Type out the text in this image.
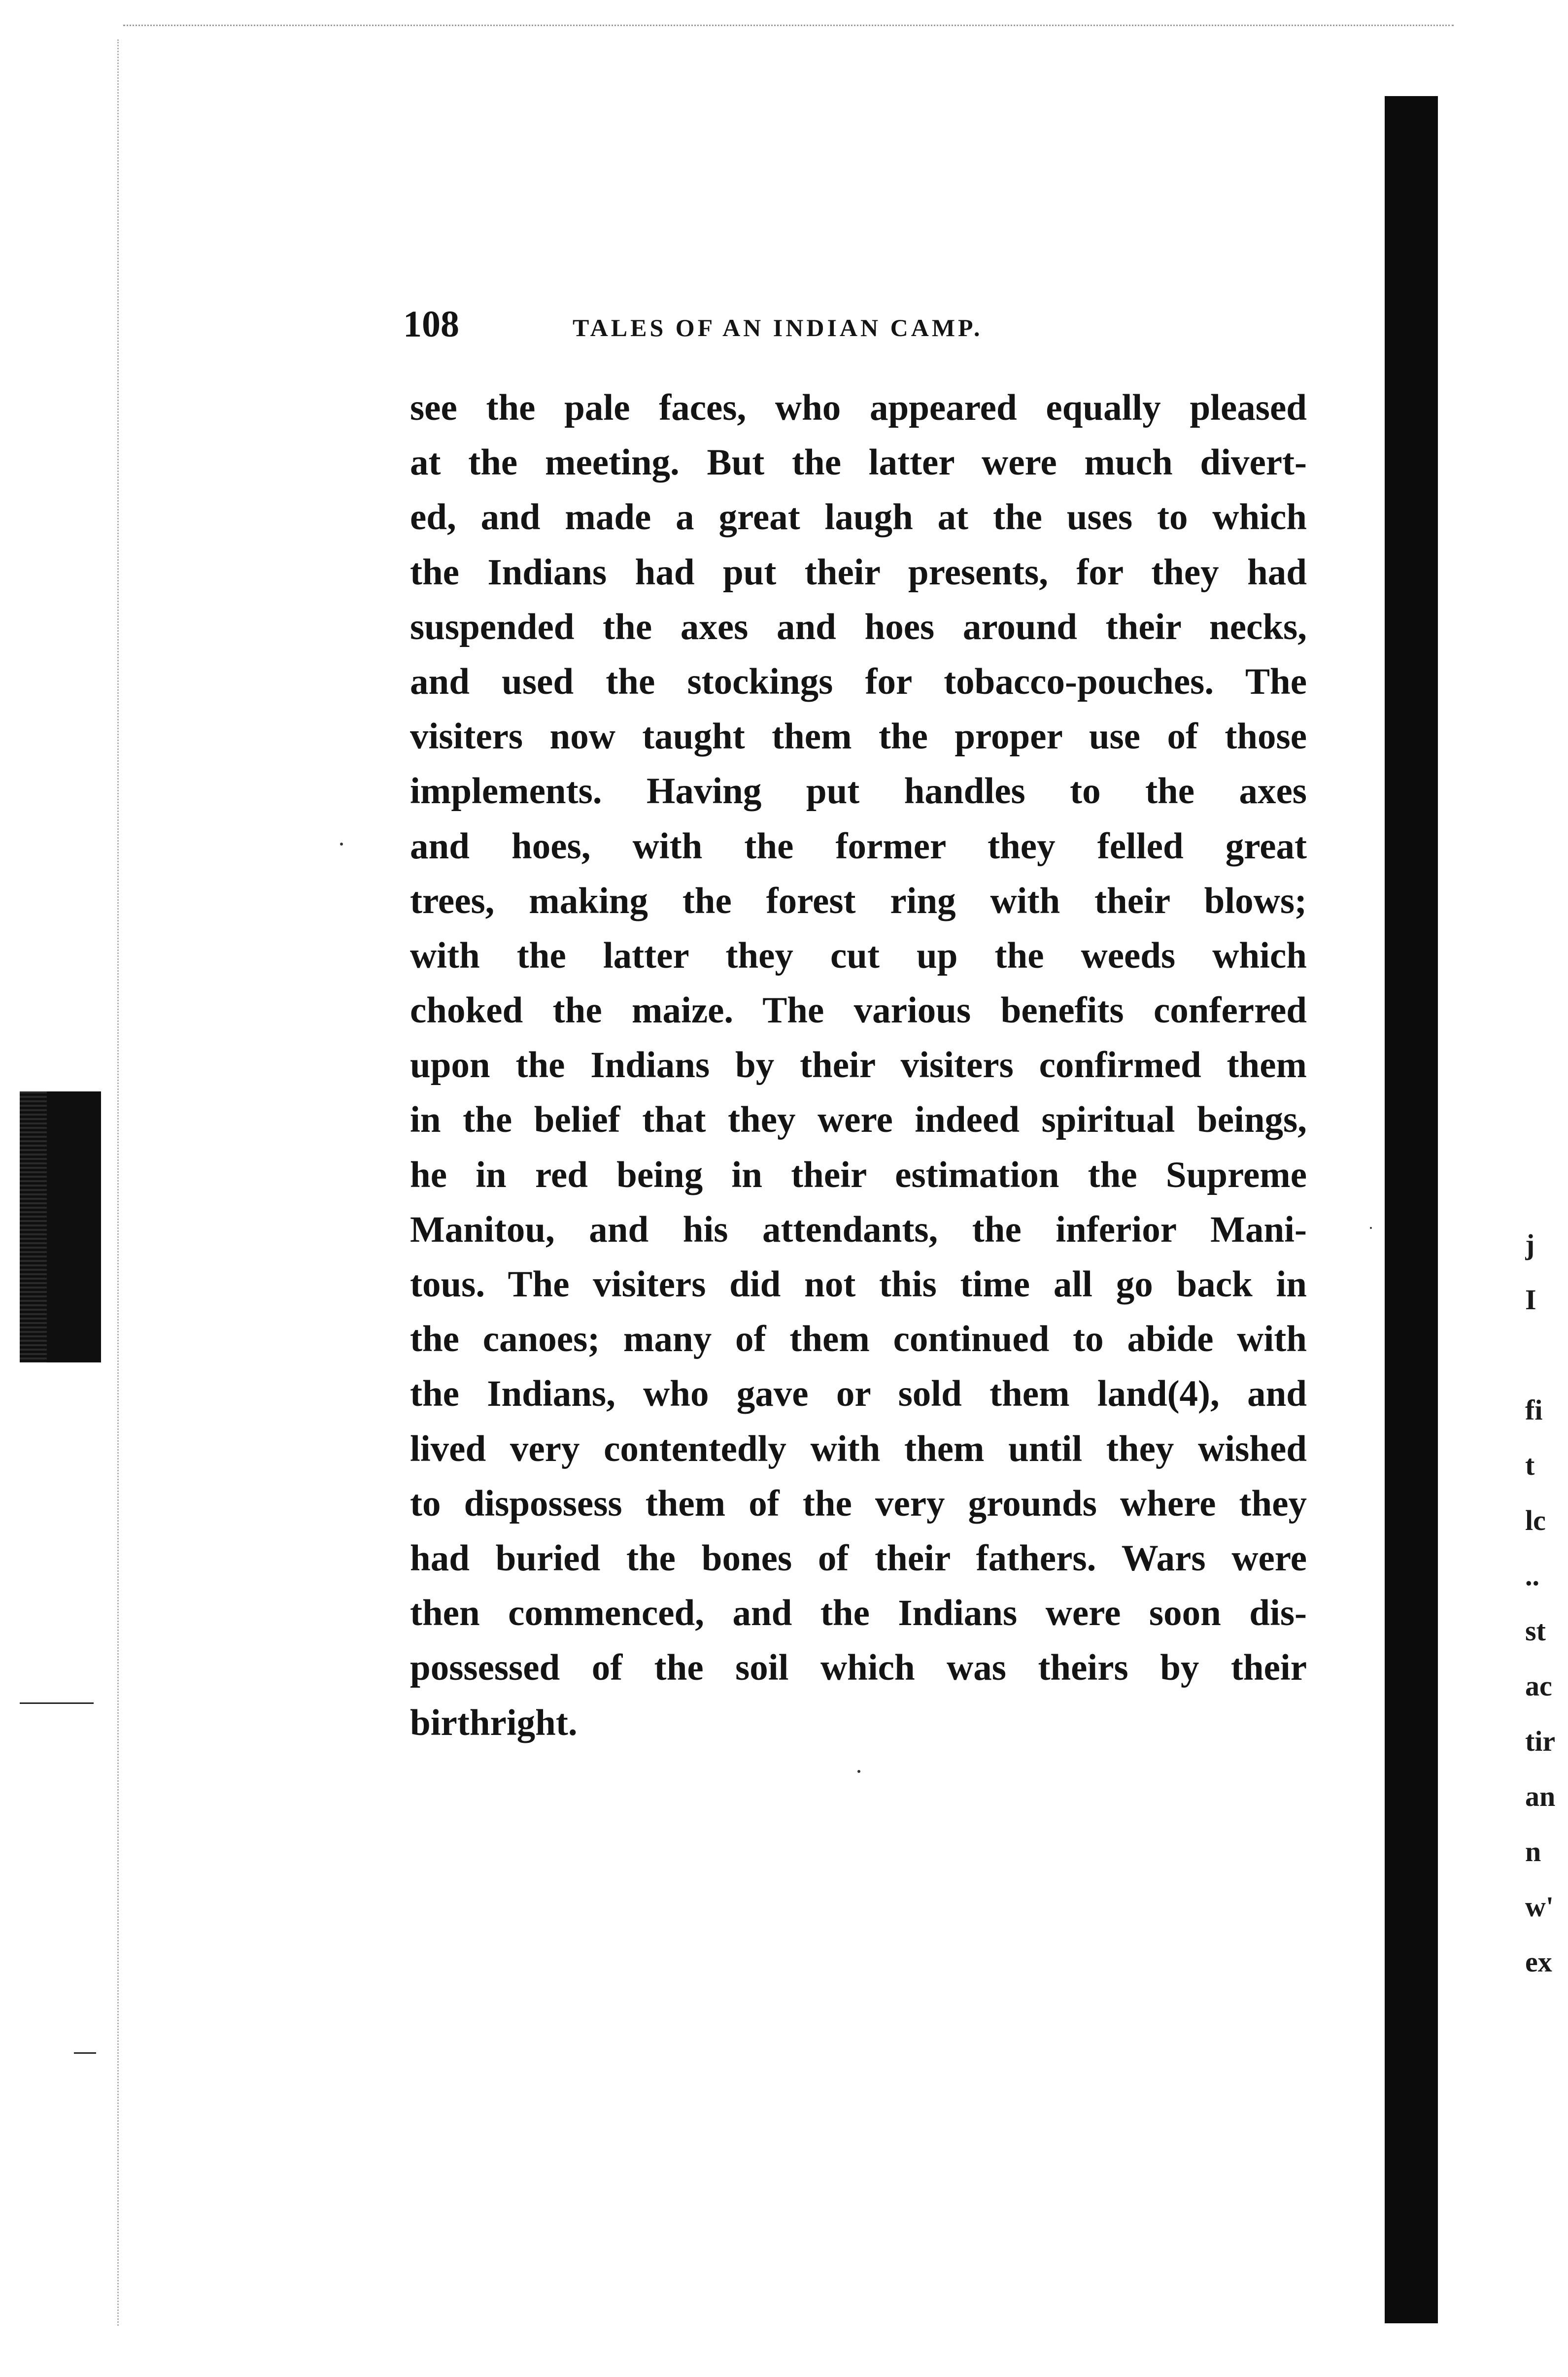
108	TALES OF AN INDIAN CAMP.
see the pale faces, who appeared equally pleased
at the meeting. But the latter were much divert-
ed, and made a great laugh at the uses to which
the Indians had put their presents, for they had
suspended the axes and hoes around their necks,
and used the stockings for tobacco-pouches. The
visiters now taught them the proper use of those
implements. Having put handles to the axes
and hoes, with the former they felled great
trees, making the forest ring with their blows;
with the latter they cut up the weeds which
choked the maize. The various benefits conferred
upon the Indians by their visiters confirmed them
in the belief that they were indeed spiritual beings,
he in red being in their estimation the Supreme
Manitou, and his attendants, the inferior Mani-
tous. The visiters did not this time all go back in
the canoes; many of them continued to abide with
the Indians, who gave or sold them land(4), and
lived very contentedly with them until they wished
to dispossess them of the very grounds where they
had buried the bones of their fathers. Wars were
then commenced, and the Indians were soon dis-
possessed of the soil which was theirs by their
birthright.
j
I
fi
t
lc
..
st
ac
tir
an
n
w'
ex
